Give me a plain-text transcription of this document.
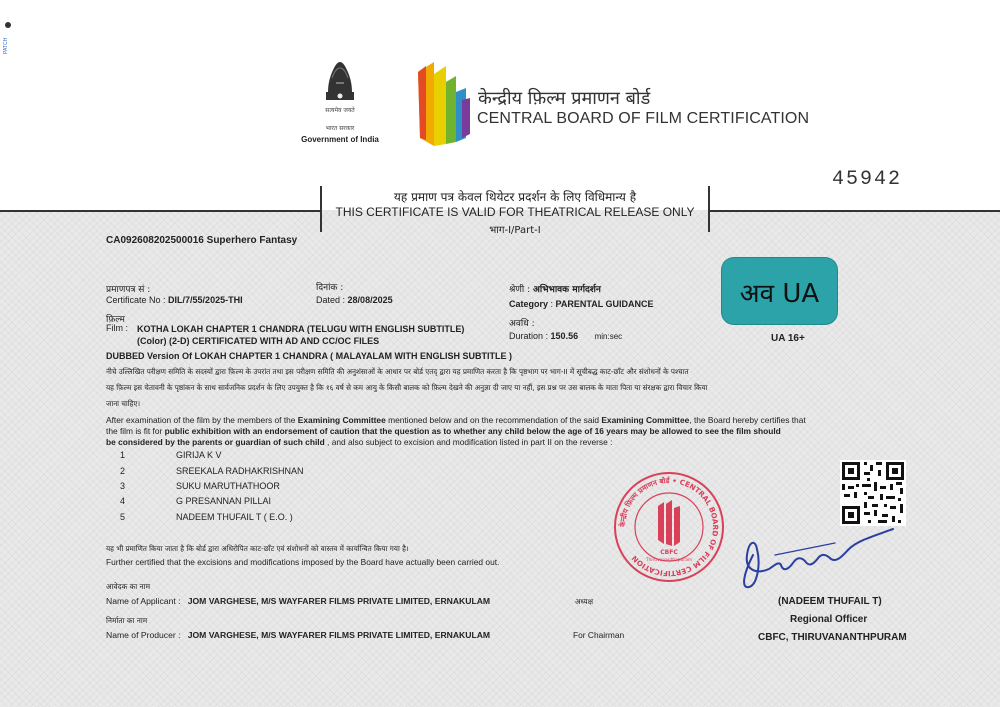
PATCH
सत्यमेव जयते
भारत सरकार
Government of India
केन्द्रीय फ़िल्म प्रमाणन बोर्ड
CENTRAL BOARD OF FILM CERTIFICATION
45942
यह प्रमाण पत्र केवल थियेटर प्रदर्शन के लिए विधिमान्य है
THIS CERTIFICATE IS VALID FOR THEATRICAL RELEASE ONLY
भाग-I/Part-I
CA092608202500016 Superhero Fantasy
प्रमाणपत्र सं :
Certificate No : DIL/7/55/2025-THI
दिनांक :
Dated : 28/08/2025
श्रेणी : अभिभावक मार्गदर्शन
Category : PARENTAL GUIDANCE	अव UA
UA 16+
फ़िल्म
Film : KOTHA LOKAH CHAPTER 1 CHANDRA (TELUGU WITH ENGLISH SUBTITLE)
(Color) (2-D) CERTIFICATED WITH AD AND CC/OC FILES
DUBBED Version Of LOKAH CHAPTER 1 CHANDRA ( MALAYALAM WITH ENGLISH SUBTITLE )
अवधि :
Duration : 150.56 min:sec
नीचे उल्लिखित परीक्षण समिति के सदस्यों द्वारा फ़िल्म के उपरांत तथा इस परीक्षण समिति की अनुशंसाओं के आधार पर बोर्ड एतद् द्वारा यह प्रमाणित करता है कि पृष्ठभाग पर भाग-II में सूचीबद्ध काट-छाँट और संशोधनों के पश्चात
यह फ़िल्म इस चेतावनी के पृष्ठांकन के साथ सार्वजनिक प्रदर्शन के लिए उपयुक्त है कि १६ वर्ष से कम आयु के किसी बालक को फ़िल्म देखने की अनुज्ञा दी जाए या नहीं, इस प्रश्न पर उस बालक के माता पिता या संरक्षक द्वारा विचार किया
जाना चाहिए।
After examination of the film by the members of the Examining Committee mentioned below and on the recommendation of the said Examining Committee, the Board hereby certifies that
the film is fit for public exhibition with an endorsement of caution that the question as to whether any child below the age of 16 years may be allowed to see the film should
be considered by the parents or guardian of such child , and also subject to excision and modification listed in part II on the reverse :
1	GIRIJA K V
2	SREEKALA RADHAKRISHNAN
3	SUKU MARUTHATHOOR
4	G PRESANNAN PILLAI
5	NADEEM THUFAIL T ( E.O. )
यह भी प्रमाणित किया जाता है कि बोर्ड द्वारा अधिरोपित काट-छाँट एवं संशोधनों को वास्तव में कार्यान्वित किया गया है।
Further certified that the excisions and modifications imposed by the Board have actually been carried out.
आवेदक का नाम
Name of Applicant :   JOM VARGHESE, M/S WAYFARER FILMS PRIVATE LIMITED, ERNAKULAM
निर्माता का नाम
Name of Producer :   JOM VARGHESE, M/S WAYFARER FILMS PRIVATE LIMITED, ERNAKULAM
अध्यक्ष
For Chairman
केन्द्रीय फ़िल्म प्रमाणन बोर्ड • CENTRAL BOARD OF FILM CERTIFICATION
CBFC
Thiruvananthapuram
(NADEEM THUFAIL T)
Regional Officer
CBFC, THIRUVANANTHPURAM
